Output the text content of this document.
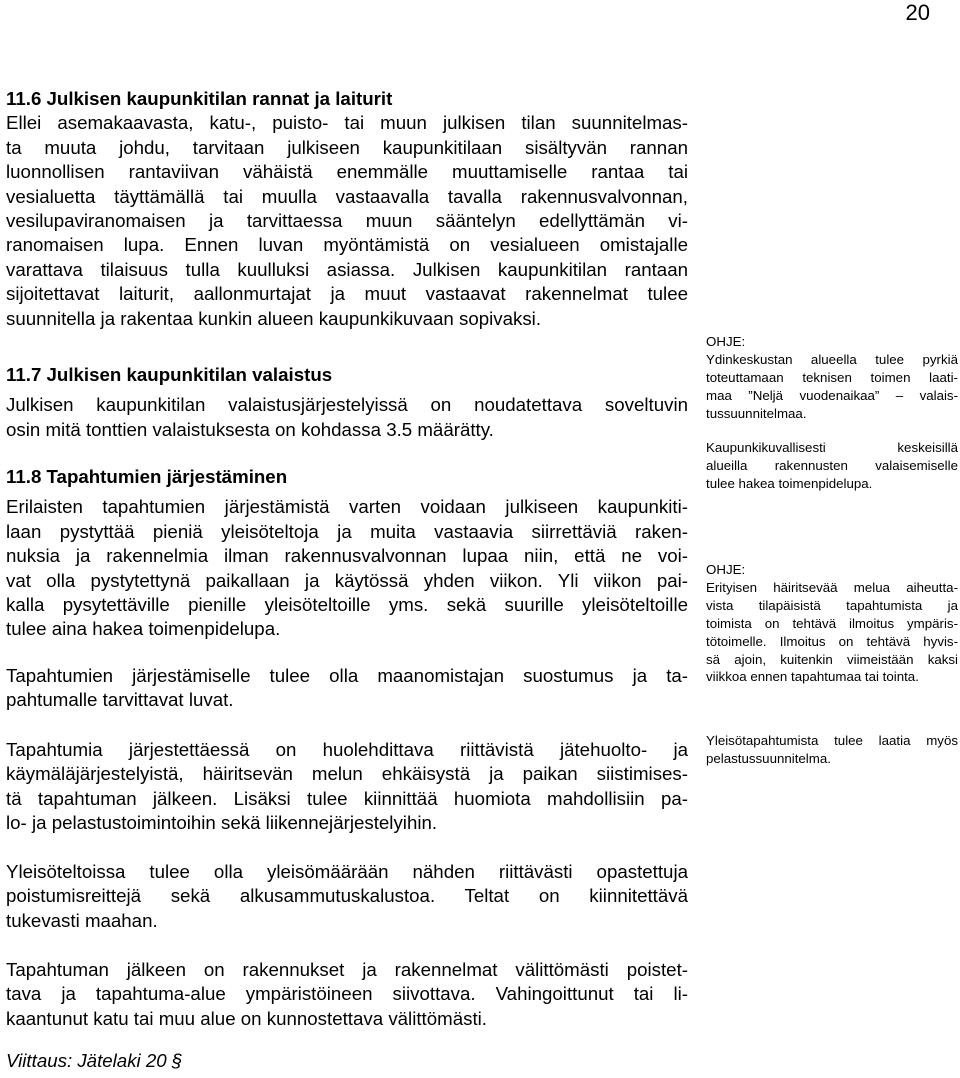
20

11.6 Julkisen kaupunkitilan rannat ja laiturit

Ellei asemakaavasta, katu-, puisto- tai muun julkisen tilan suunnitelmas-
ta muuta johdu, tarvitaan julkiseen kaupunkitilaan sisältyvän rannan
luonnollisen rantaviivan vähäistä enemmälle muuttamiselle rantaa tai
vesialuetta täyttämällä tai muulla vastaavalla tavalla rakennusvalvonnan,
vesilupaviranomaisen ja tarvittaessa muun sääntelyn edellyttämän vi-
ranomaisen lupa. Ennen luvan myöntämistä on vesialueen omistajalle
varattava tilaisuus tulla kuulluksi asiassa. Julkisen kaupunkitilan rantaan
sijoitettavat laiturit, aallonmurtajat ja muut vastaavat rakennelmat tulee
suunnitella ja rakentaa kunkin alueen kaupunkikuvaan sopivaksi.

11.7 Julkisen kaupunkitilan valaistus

Julkisen kaupunkitilan valaistusjärjestelyissä on noudatettava soveltuvin
osin mitä tonttien valaistuksesta on kohdassa 3.5 määrätty.

11.8 Tapahtumien järjestäminen

Erilaisten tapahtumien järjestämistä varten voidaan julkiseen kaupunkiti-
laan pystyttää pieniä yleisöteltoja ja muita vastaavia siirrettäviä raken-
nuksia ja rakennelmia ilman rakennusvalvonnan lupaa niin, että ne voi-
vat olla pystytettynä paikallaan ja käytössä yhden viikon. Yli viikon pai-
kalla pysytettäville pienille yleisöteltoille yms. sekä suurille yleisöteltoille
tulee aina hakea toimenpidelupa.

Tapahtumien järjestämiselle tulee olla maanomistajan suostumus ja ta-
pahtumalle tarvittavat luvat.

Tapahtumia järjestettäessä on huolehdittava riittävistä jätehuolto- ja
käymäläjärjestelyistä, häiritsevän melun ehkäisystä ja paikan siistimises-
tä tapahtuman jälkeen. Lisäksi tulee kiinnittää huomiota mahdollisiin pa-
lo- ja pelastustoimintoihin sekä liikennejärjestelyihin.

Yleisöteltoissa tulee olla yleisömäärään nähden riittävästi opastettuja
poistumisreittejä sekä alkusammutuskalustoa. Teltat on kiinnitettävä
tukevasti maahan.

Tapahtuman jälkeen on rakennukset ja rakennelmat välittömästi poistet-
tava ja tapahtuma-alue ympäristöineen siivottava. Vahingoittunut tai li-
kaantunut katu tai muu alue on kunnostettava välittömästi.

OHJE:

Ydinkeskustan alueella tulee pyrkiä
toteuttamaan teknisen toimen laati-
maa ”Neljä vuodenaikaa” – valais-
tussuunnitelmaa.

Kaupunkikuvallisesti keskeisillä
alueilla rakennusten valaisemiselle
tulee hakea toimenpidelupa.

OHJE:

Erityisen häiritsevää melua aiheutta-
vista tilapäisistä tapahtumista ja
toimista on tehtävä ilmoitus ympäris-
tötoimelle. Ilmoitus on tehtävä hyvis-
sä ajoin, kuitenkin viimeistään kaksi
viikkoa ennen tapahtumaa tai tointa.

Yleisötapahtumista tulee laatia myös
pelastussuunnitelma.

Viittaus: Jätelaki 20 §
